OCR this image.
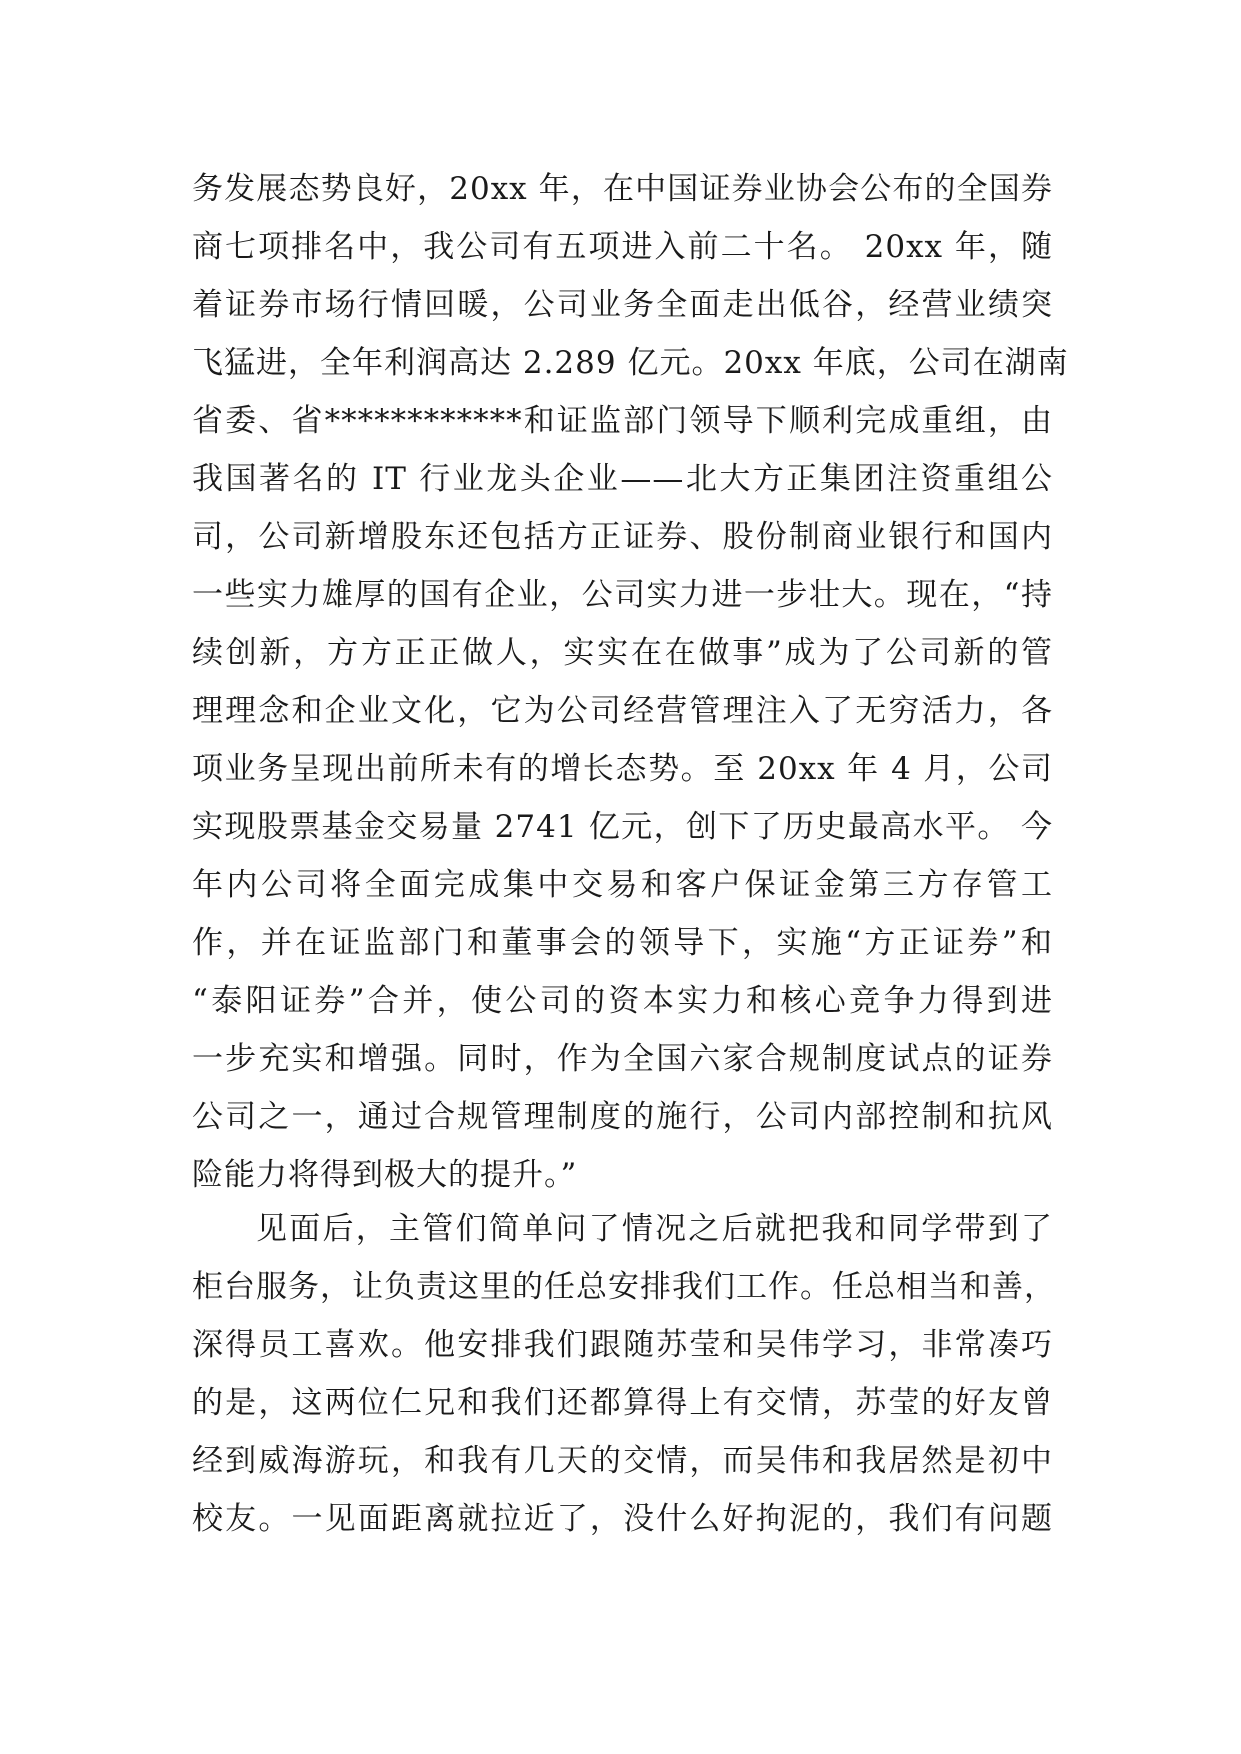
务发展态势良好，20xx 年，在中国证券业协会公布的全国券
商七项排名中，我公司有五项进入前二十名。 20xx 年，随
着证券市场行情回暖，公司业务全面走出低谷，经营业绩突
飞猛进，全年利润高达 2.289 亿元。20xx 年底，公司在湖南
省委、省************和证监部门领导下顺利完成重组，由
我国著名的 IT 行业龙头企业——北大方正集团注资重组公
司，公司新增股东还包括方正证券、股份制商业银行和国内
一些实力雄厚的国有企业，公司实力进一步壮大。现在，“持
续创新，方方正正做人，实实在在做事”成为了公司新的管
理理念和企业文化，它为公司经营管理注入了无穷活力，各
项业务呈现出前所未有的增长态势。至 20xx 年 4 月，公司
实现股票基金交易量 2741 亿元，创下了历史最高水平。 今
年内公司将全面完成集中交易和客户保证金第三方存管工
作，并在证监部门和董事会的领导下，实施“方正证券”和
“泰阳证券”合并，使公司的资本实力和核心竞争力得到进
一步充实和增强。同时，作为全国六家合规制度试点的证券
公司之一，通过合规管理制度的施行，公司内部控制和抗风
险能力将得到极大的提升。”
见面后，主管们简单问了情况之后就把我和同学带到了
柜台服务，让负责这里的任总安排我们工作。任总相当和善，
深得员工喜欢。他安排我们跟随苏莹和吴伟学习，非常凑巧
的是，这两位仁兄和我们还都算得上有交情，苏莹的好友曾
经到威海游玩，和我有几天的交情，而吴伟和我居然是初中
校友。一见面距离就拉近了，没什么好拘泥的，我们有问题
